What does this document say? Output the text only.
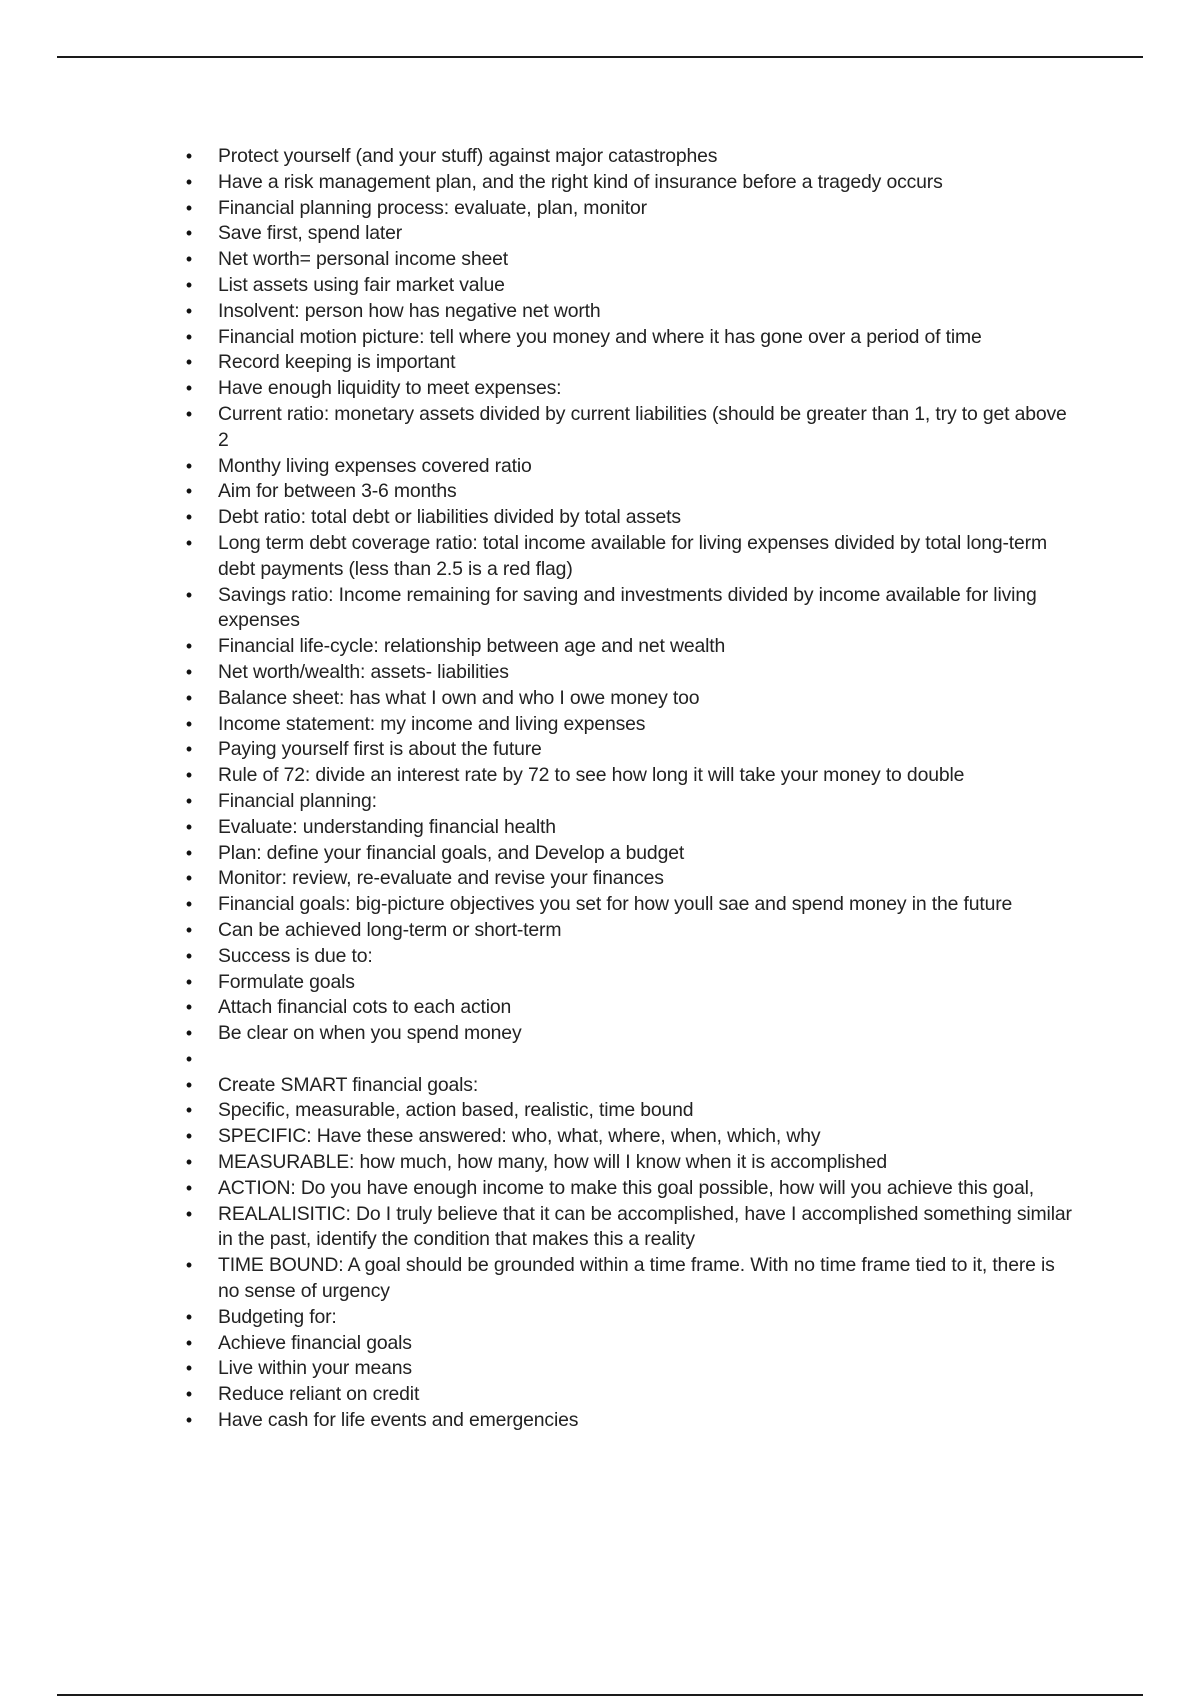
• Protect yourself (and your stuff) against major catastrophes
• Have a risk management plan, and the right kind of insurance before a tragedy occurs
• Financial planning process: evaluate, plan, monitor
• Save first, spend later
• Net worth= personal income sheet
• List assets using fair market value
• Insolvent: person how has negative net worth
• Financial motion picture: tell where you money and where it has gone over a period of time
• Record keeping is important
• Have enough liquidity to meet expenses:
• Current ratio: monetary assets divided by current liabilities (should be greater than 1, try to get above 2
• Monthy living expenses covered ratio
• Aim for between 3-6 months
• Debt ratio: total debt or liabilities divided by total assets
• Long term debt coverage ratio: total income available for living expenses divided by total long-term debt payments (less than 2.5 is a red flag)
• Savings ratio: Income remaining for saving and investments divided by income available for living expenses
• Financial life-cycle: relationship between age and net wealth
• Net worth/wealth: assets- liabilities
• Balance sheet: has what I own and who I owe money too
• Income statement: my income and living expenses
• Paying yourself first is about the future
• Rule of 72: divide an interest rate by 72 to see how long it will take your money to double
• Financial planning:
• Evaluate: understanding financial health
• Plan: define your financial goals, and Develop a budget
• Monitor: review, re-evaluate and revise your finances
• Financial goals: big-picture objectives you set for how youll sae and spend money in the future
• Can be achieved long-term or short-term
• Success is due to:
• Formulate goals
• Attach financial cots to each action
• Be clear on when you spend money
•
• Create SMART financial goals:
• Specific, measurable, action based, realistic, time bound
• SPECIFIC: Have these answered: who, what, where, when, which, why
• MEASURABLE: how much, how many, how will I know when it is accomplished
• ACTION: Do you have enough income to make this goal possible, how will you achieve this goal,
• REALALISITIC: Do I truly believe that it can be accomplished, have I accomplished something similar in the past, identify the condition that makes this a reality
• TIME BOUND: A goal should be grounded within a time frame. With no time frame tied to it, there is no sense of urgency
• Budgeting for:
• Achieve financial goals
• Live within your means
• Reduce reliant on credit
• Have cash for life events and emergencies
